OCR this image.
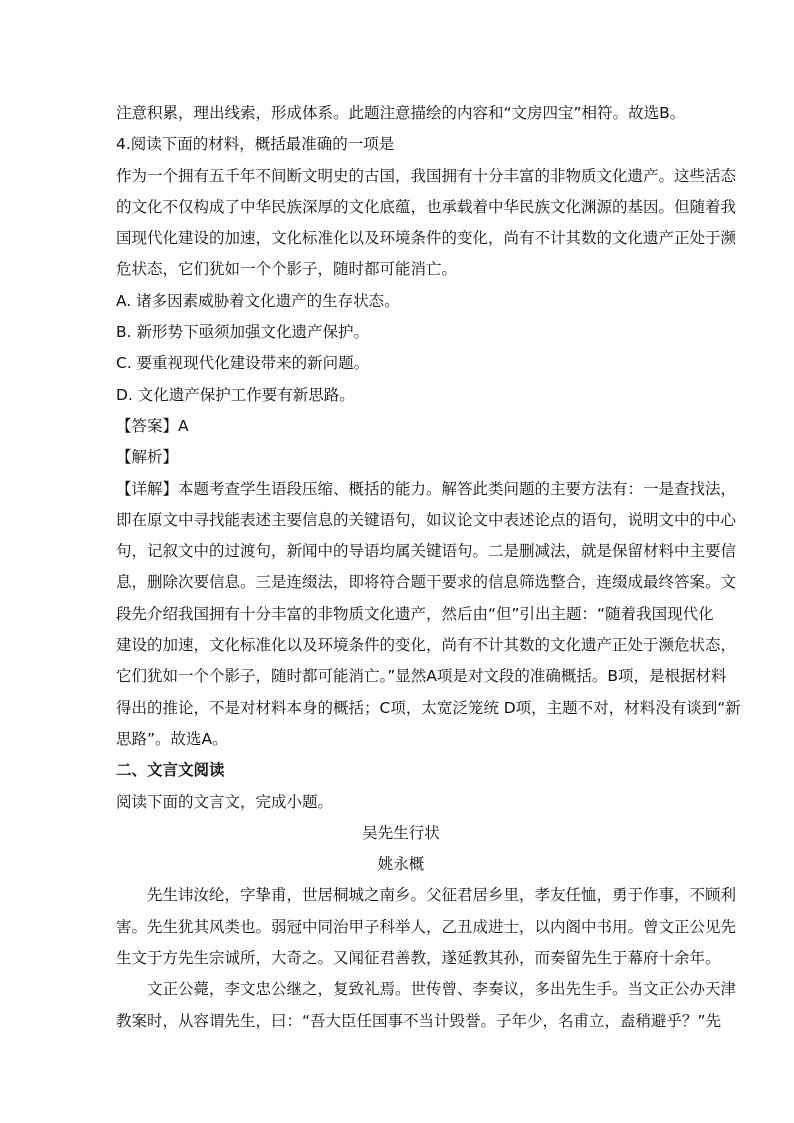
注意积累，理出线索，形成体系。此题注意描绘的内容和“文房四宝”相符。故选B。
4.阅读下面的材料，概括最准确的一项是
作为一个拥有五千年不间断文明史的古国，我国拥有十分丰富的非物质文化遗产。这些活态
的文化不仅构成了中华民族深厚的文化底蕴，也承载着中华民族文化渊源的基因。但随着我
国现代化建设的加速，文化标准化以及环境条件的变化，尚有不计其数的文化遗产正处于濒
危状态，它们犹如一个个影子，随时都可能消亡。
A. 诸多因素威胁着文化遗产的生存状态。
B. 新形势下亟须加强文化遗产保护。
C. 要重视现代化建设带来的新问题。
D. 文化遗产保护工作要有新思路。
【答案】A
【解析】
【详解】本题考查学生语段压缩、概括的能力。解答此类问题的主要方法有：一是查找法，
即在原文中寻找能表述主要信息的关键语句，如议论文中表述论点的语句，说明文中的中心
句，记叙文中的过渡句，新闻中的导语均属关键语句。二是删减法，就是保留材料中主要信
息，删除次要信息。三是连缀法，即将符合题干要求的信息筛选整合，连缀成最终答案。文
段先介绍我国拥有十分丰富的非物质文化遗产，然后由“但”引出主题：“随着我国现代化
建设的加速，文化标准化以及环境条件的变化，尚有不计其数的文化遗产正处于濒危状态，
它们犹如一个个影子，随时都可能消亡。”显然A项是对文段的准确概括。B项，是根据材料
得出的推论，不是对材料本身的概括；C项，太宽泛笼统 D项，主题不对，材料没有谈到“新
思路”。故选A。
二、文言文阅读
阅读下面的文言文，完成小题。
吴先生行状
姚永概
先生讳汝纶，字挚甫，世居桐城之南乡。父征君居乡里，孝友任恤，勇于作事，不顾利
害。先生犹其风类也。弱冠中同治甲子科举人，乙丑成进士，以内阁中书用。曾文正公见先
生文于方先生宗诚所，大奇之。又闻征君善教，遂延教其孙，而奏留先生于幕府十余年。
文正公薨，李文忠公继之，复致礼焉。世传曾、李奏议，多出先生手。当文正公办天津
教案时，从容谓先生，曰：“吾大臣任国事不当计毁誉。子年少，名甫立，盍稍避乎？”先
